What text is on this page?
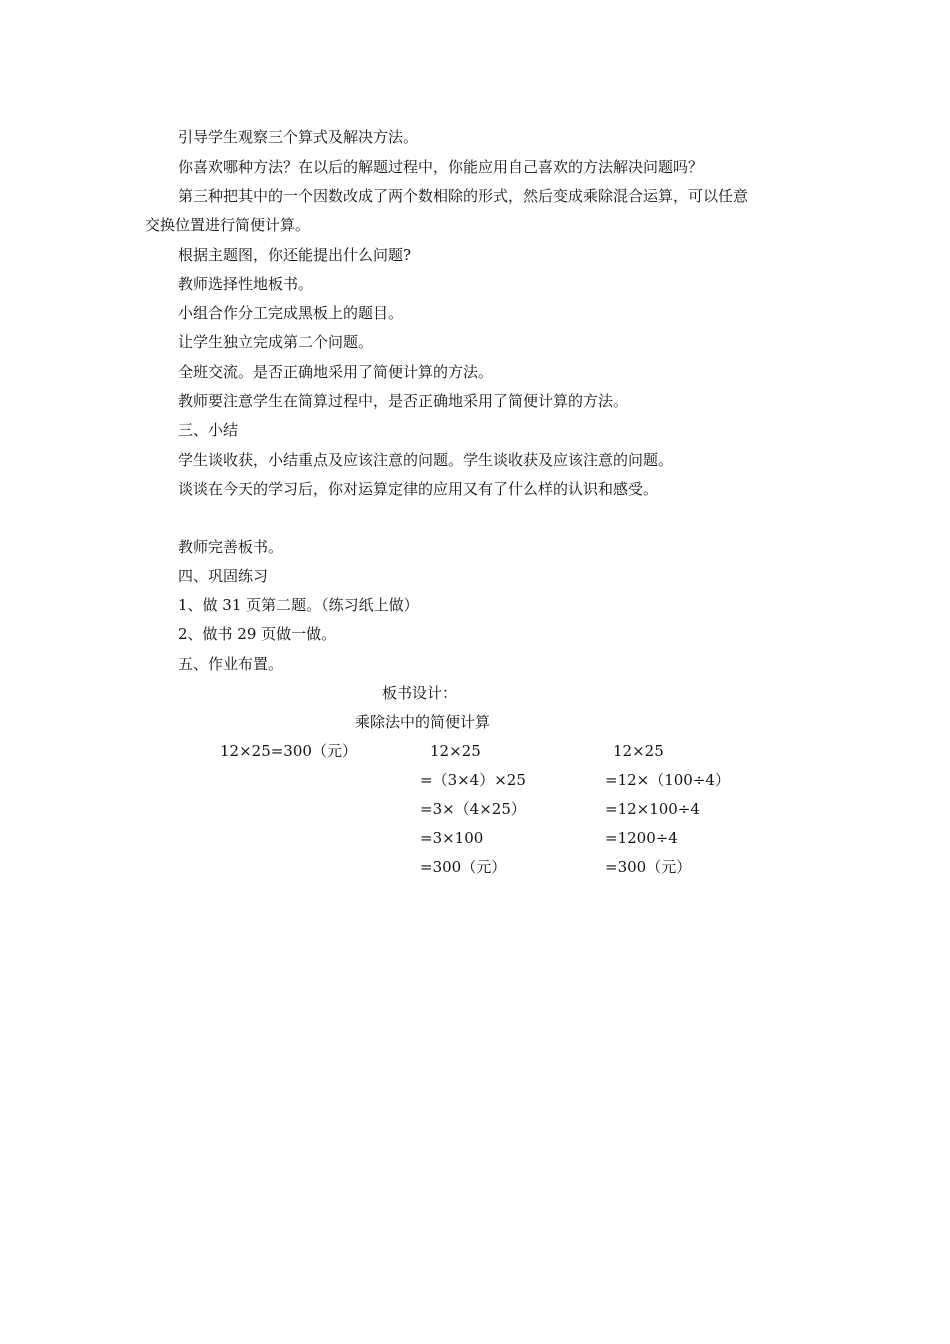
引导学生观察三个算式及解决方法。
你喜欢哪种方法？在以后的解题过程中，你能应用自己喜欢的方法解决问题吗？
第三种把其中的一个因数改成了两个数相除的形式，然后变成乘除混合运算，可以任意
交换位置进行简便计算。
根据主题图，你还能提出什么问题?
教师选择性地板书。
小组合作分工完成黑板上的题目。
让学生独立完成第二个问题。
全班交流。是否正确地采用了简便计算的方法。
教师要注意学生在简算过程中，是否正确地采用了简便计算的方法。
三、小结
学生谈收获，小结重点及应该注意的问题。学生谈收获及应该注意的问题。
谈谈在今天的学习后，你对运算定律的应用又有了什么样的认识和感受。
教师完善板书。
四、巩固练习
1、做 31 页第二题。（练习纸上做）
2、做书 29 页做一做。
五、作业布置。
板书设计：
乘除法中的简便计算
12×25=300（元）	12×25
=（3×4）×25
=3×（4×25）
=3×100
=300（元）
12×25
=12×（100÷4）
=12×100÷4
=1200÷4
=300（元）
